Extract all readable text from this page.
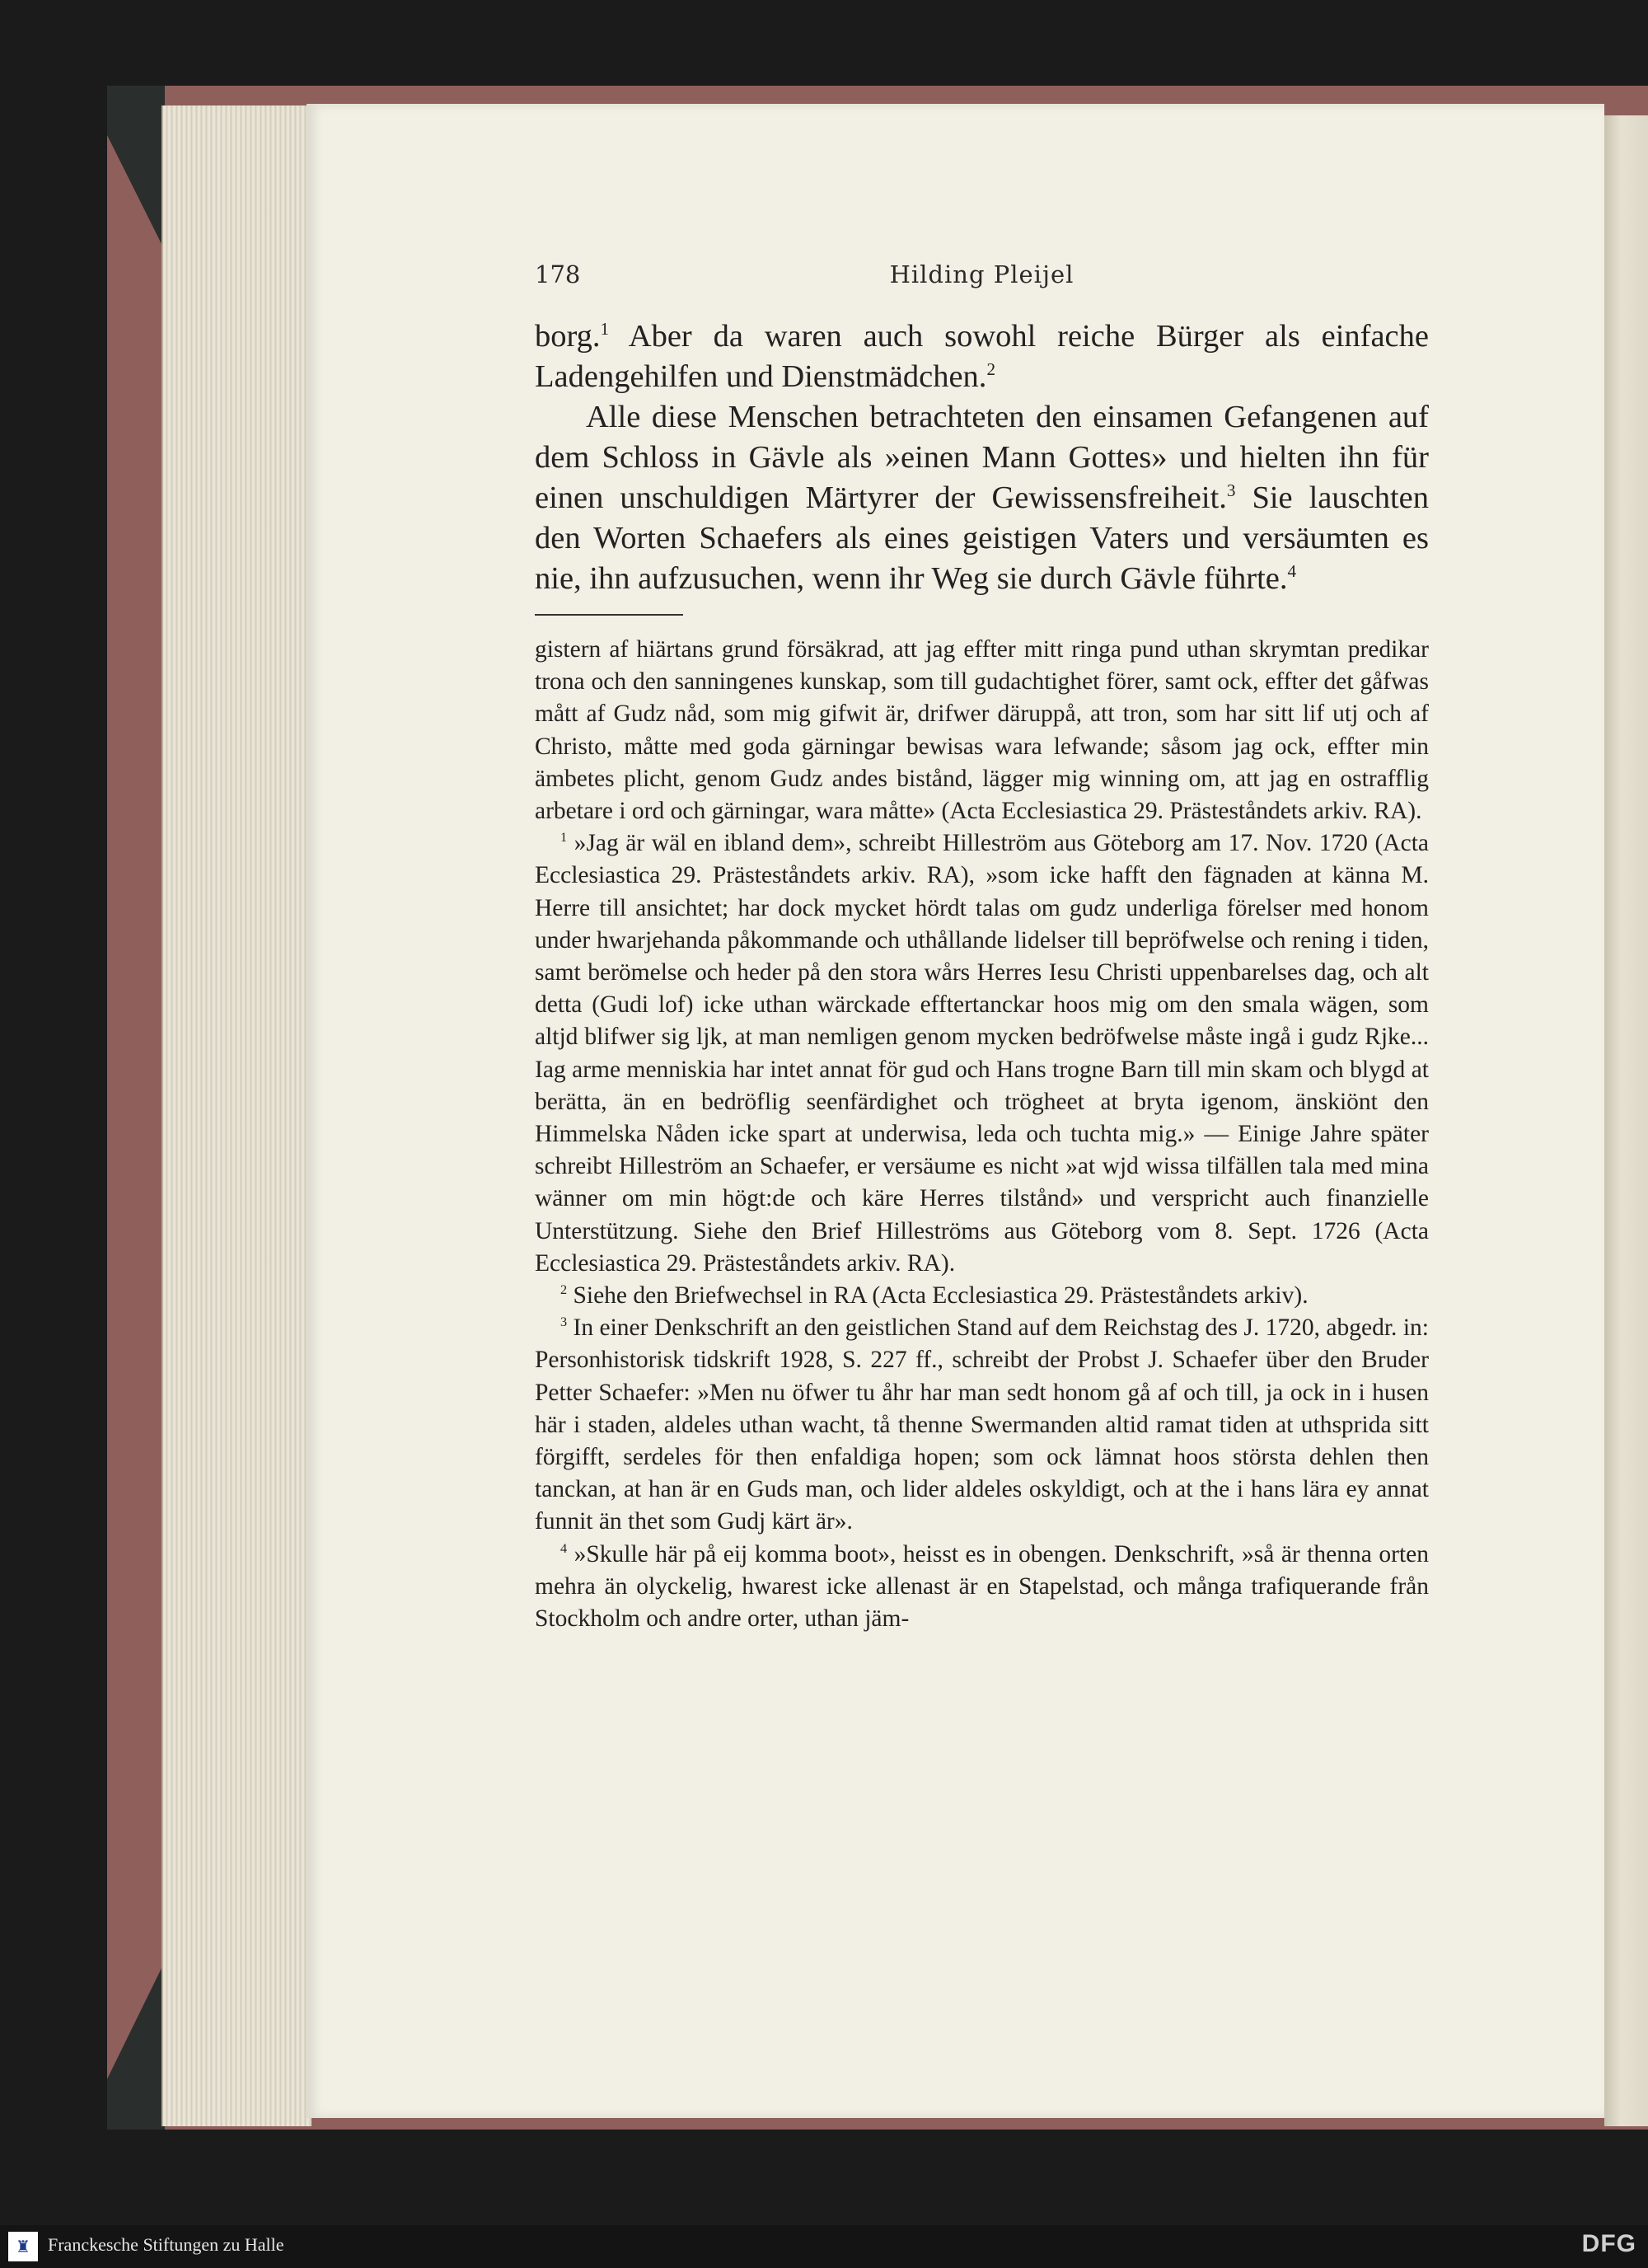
178	Hilding Pleijel

borg.$^1$ Aber da waren auch sowohl reiche Bürger als einfache Ladengehilfen und Dienstmädchen.$^2$

Alle diese Menschen betrachteten den einsamen Gefangenen auf dem Schloss in Gävle als »einen Mann Gottes» und hielten ihn für einen unschuldigen Märtyrer der Gewissensfreiheit.$^3$ Sie lauschten den Worten Schaefers als eines geistigen Vaters und versäumten es nie, ihn aufzusuchen, wenn ihr Weg sie durch Gävle führte.$^4$

gistern af hiärtans grund försäkrad, att jag effter mitt ringa pund uthan skrymtan predikar trona och den sanningenes kunskap, som till gudachtighet förer, samt ock, effter det gåfwas mått af Gudz nåd, som mig gifwit är, drifwer däruppå, att tron, som har sitt lif utj och af Christo, måtte med goda gärningar bewisas wara lefwande; såsom jag ock, effter min ämbetes plicht, genom Gudz andes bistånd, lägger mig winning om, att jag en ostrafflig arbetare i ord och gärningar, wara måtte» (Acta Ecclesiastica 29. Prästeståndets arkiv. RA).

$^1$ »Jag är wäl en ibland dem», schreibt Hilleström aus Göteborg am 17. Nov. 1720 (Acta Ecclesiastica 29. Prästeståndets arkiv. RA), »som icke hafft den fägnaden at känna M. Herre till ansichtet; har dock mycket hördt talas om gudz underliga förelser med honom under hwarjehanda påkommande och uthållande lidelser till bepröfwelse och rening i tiden, samt berömelse och heder på den stora wårs Herres Iesu Christi uppenbarelses dag, och alt detta (Gudi lof) icke uthan wärckade efftertanckar hoos mig om den smala wägen, som altjd blifwer sig ljk, at man nemligen genom mycken bedröfwelse måste ingå i gudz Rjke... Iag arme menniskia har intet annat för gud och Hans trogne Barn till min skam och blygd at berätta, än en bedröflig seenfärdighet och trögheet at bryta igenom, änskiönt den Himmelska Nåden icke spart at underwisa, leda och tuchta mig.» — Einige Jahre später schreibt Hilleström an Schaefer, er versäume es nicht »at wjd wissa tilfällen tala med mina wänner om min högt:de och käre Herres tilstånd» und verspricht auch finanzielle Unterstützung. Siehe den Brief Hilleströms aus Göteborg vom 8. Sept. 1726 (Acta Ecclesiastica 29. Prästeståndets arkiv. RA).

$^2$ Siehe den Briefwechsel in RA (Acta Ecclesiastica 29. Prästeståndets arkiv).

$^3$ In einer Denkschrift an den geistlichen Stand auf dem Reichstag des J. 1720, abgedr. in: Personhistorisk tidskrift 1928, S. 227 ff., schreibt der Probst J. Schaefer über den Bruder Petter Schaefer: »Men nu öfwer tu åhr har man sedt honom gå af och till, ja ock in i husen här i staden, aldeles uthan wacht, tå thenne Swermanden altid ramat tiden at uthsprida sitt förgifft, serdeles för then enfaldiga hopen; som ock lämnat hoos största dehlen then tanckan, at han är en Guds man, och lider aldeles oskyldigt, och at the i hans lära ey annat funnit än thet som Gudj kärt är».

$^4$ »Skulle här på eij komma boot», heisst es in obengen. Denkschrift, »så är thenna orten mehra än olyckelig, hwarest icke allenast är en Stapelstad, och många trafiquerande från Stockholm och andre orter, uthan jäm-

♜ Franckesche Stiftungen zu Halle	DFG
